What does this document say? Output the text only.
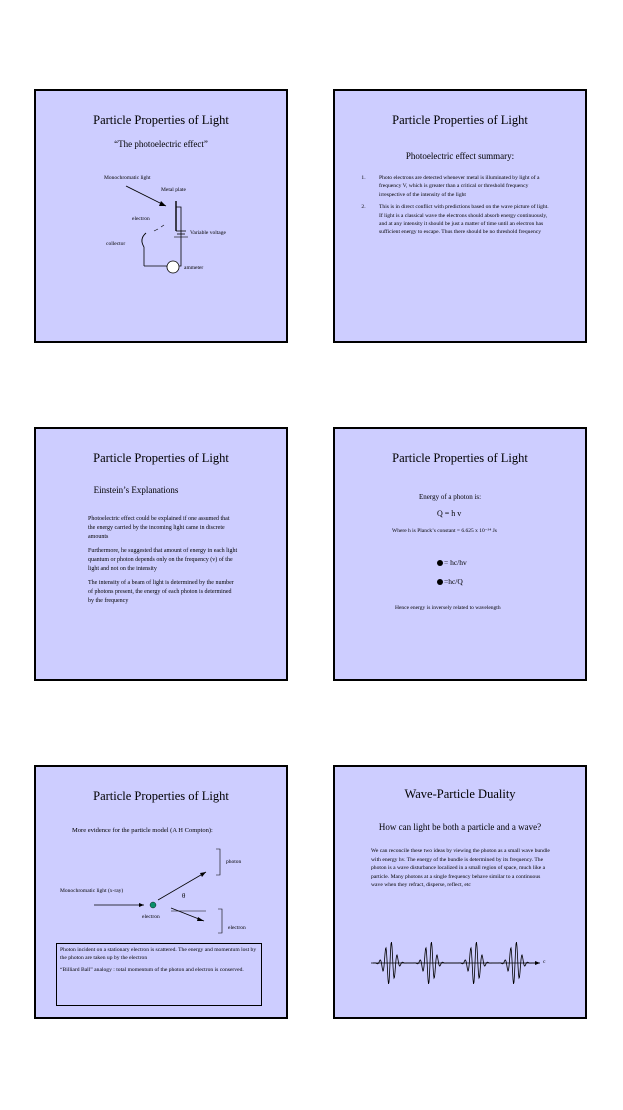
Particle Properties of Light
“The photoelectric effect”
Monochromatic light
Metal plate
electron
Variable voltage
collector
ammeter
Particle Properties of Light
Photoelectric effect summary:
1. Photo electrons are detected whenever metal is illuminated by light of a frequency V, which is greater than a critical or threshold frequency irrespective of the intensity of the light
2. This is in direct conflict with predictions based on the wave picture of light. If light is a classical wave the electrons should absorb energy continuously, and at any intensity it should be just a matter of time until an electron has sufficient energy to escape. Thus there should be no threshold frequency
Particle Properties of Light
Einstein’s Explanations

Photoelectric effect could be explained if one assumed that the energy carried by the incoming light came in discrete amounts

Furthermore, he suggested that amount of energy in each light quantum or photon depends only on the frequency (v) of the light and not on the intensity

The intensity of a beam of light is determined by the number of photons present, the energy of each photon is determined by the frequency

Particle Properties of Light
Energy of a photon is:
Q = h v
Where h is Planck’s constant = 6.625 x 10⁻³⁴ Js
= hc/hv
=hc/Q
Hence energy is inversely related to wavelength
Particle Properties of Light
More evidence for the particle model (A H Compton):
photon
Monochromatic light (x-ray)
θ
electron
electron

Photon incident on a stationary electron is scattered. The energy and momentum lost by the photon are taken up by the electron

“Billiard Ball” analogy : total momentum of the photon and electron is conserved.

Wave-Particle Duality
How can light be both a particle and a wave?
We can reconcile these two ideas by viewing the photon as a small wave bundle with energy hv. The energy of the bundle is determined by its frequency. The photon is a wave disturbance localized in a small region of space, much like a particle. Many photons at a single frequency behave similar to a continuous wave when they refract, disperse, reflect, etc
c
